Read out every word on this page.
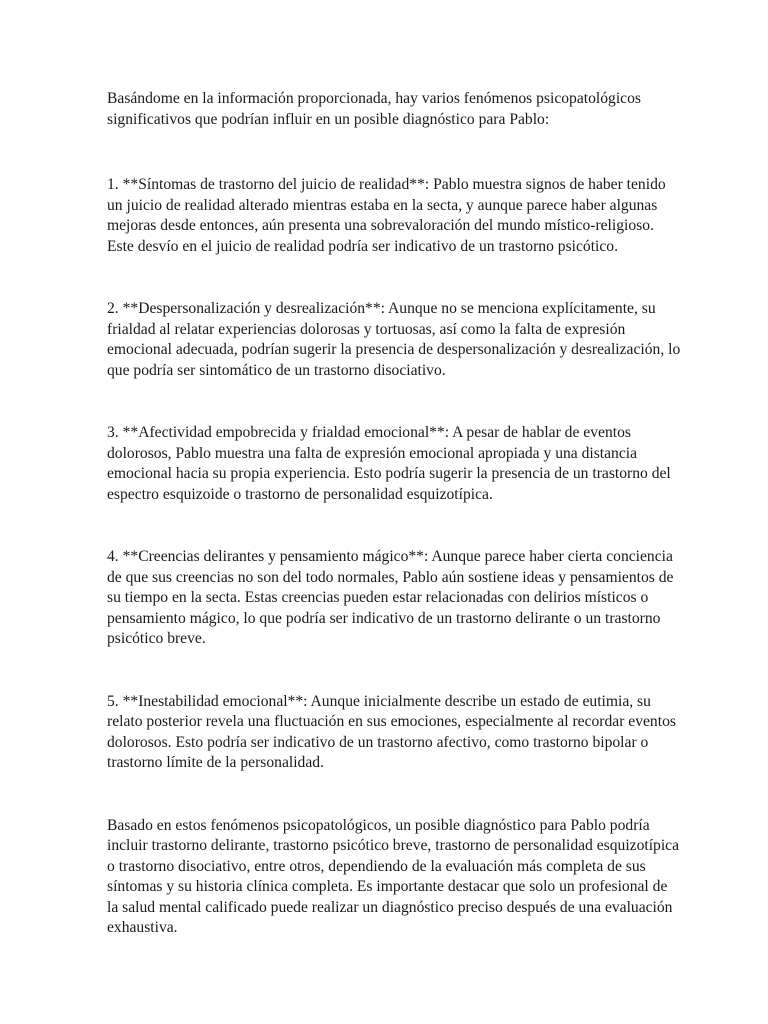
Basándome en la información proporcionada, hay varios fenómenos psicopatológicos
significativos que podrían influir en un posible diagnóstico para Pablo:

1. **Síntomas de trastorno del juicio de realidad**: Pablo muestra signos de haber tenido
un juicio de realidad alterado mientras estaba en la secta, y aunque parece haber algunas
mejoras desde entonces, aún presenta una sobrevaloración del mundo místico-religioso.
Este desvío en el juicio de realidad podría ser indicativo de un trastorno psicótico.

2. **Despersonalización y desrealización**: Aunque no se menciona explícitamente, su
frialdad al relatar experiencias dolorosas y tortuosas, así como la falta de expresión
emocional adecuada, podrían sugerir la presencia de despersonalización y desrealización, lo
que podría ser sintomático de un trastorno disociativo.

3. **Afectividad empobrecida y frialdad emocional**: A pesar de hablar de eventos
dolorosos, Pablo muestra una falta de expresión emocional apropiada y una distancia
emocional hacia su propia experiencia. Esto podría sugerir la presencia de un trastorno del
espectro esquizoide o trastorno de personalidad esquizotípica.

4. **Creencias delirantes y pensamiento mágico**: Aunque parece haber cierta conciencia
de que sus creencias no son del todo normales, Pablo aún sostiene ideas y pensamientos de
su tiempo en la secta. Estas creencias pueden estar relacionadas con delirios místicos o
pensamiento mágico, lo que podría ser indicativo de un trastorno delirante o un trastorno
psicótico breve.

5. **Inestabilidad emocional**: Aunque inicialmente describe un estado de eutimia, su
relato posterior revela una fluctuación en sus emociones, especialmente al recordar eventos
dolorosos. Esto podría ser indicativo de un trastorno afectivo, como trastorno bipolar o
trastorno límite de la personalidad.

Basado en estos fenómenos psicopatológicos, un posible diagnóstico para Pablo podría
incluir trastorno delirante, trastorno psicótico breve, trastorno de personalidad esquizotípica
o trastorno disociativo, entre otros, dependiendo de la evaluación más completa de sus
síntomas y su historia clínica completa. Es importante destacar que solo un profesional de
la salud mental calificado puede realizar un diagnóstico preciso después de una evaluación
exhaustiva.
